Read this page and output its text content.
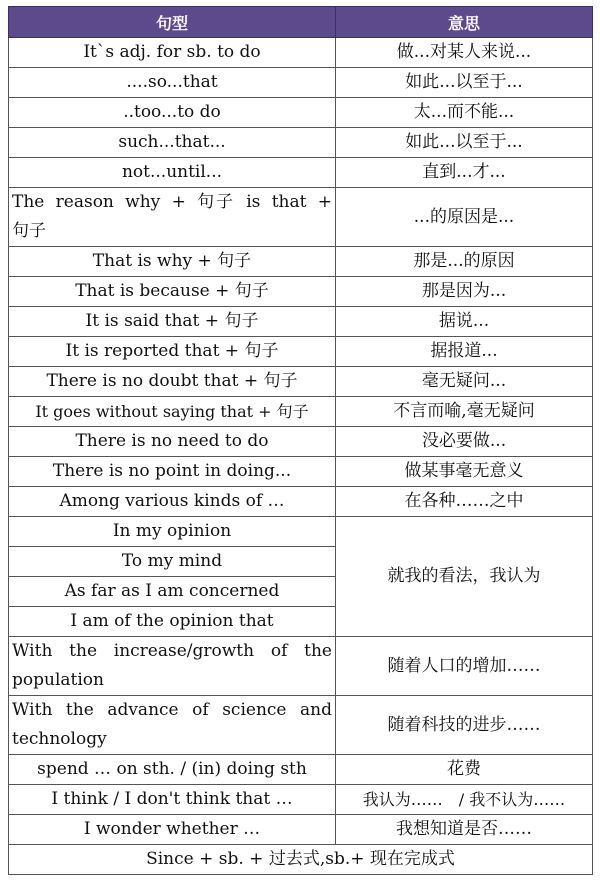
句型	意思
It`s adj. for sb. to do	做...对某人来说...
....so...that	如此...以至于...
..too...to do	太...而不能...
such...that...	如此...以至于...
not...until...	直到...才...
The reason why + 句子 is that + 句子	...的原因是...
That is why + 句子	那是...的原因
That is because + 句子	那是因为...
It is said that + 句子	据说...
It is reported that + 句子	据报道...
There is no doubt that + 句子	毫无疑问...
It goes without saying that + 句子	不言而喻,毫无疑问
There is no need to do	没必要做...
There is no point in doing...	做某事毫无意义
Among various kinds of …	在各种……之中
In my opinion	就我的看法，我认为
To my mind	
As far as I am concerned	
I am of the opinion that	
With the increase/growth of the population	随着人口的增加……
With the advance of science and technology	随着科技的进步……
spend … on sth. / (in) doing sth	花费
I think / I don't think that …	我认为……　/ 我不认为……
I wonder whether …	我想知道是否……
Since + sb. + 过去式,sb.+ 现在完成式	
